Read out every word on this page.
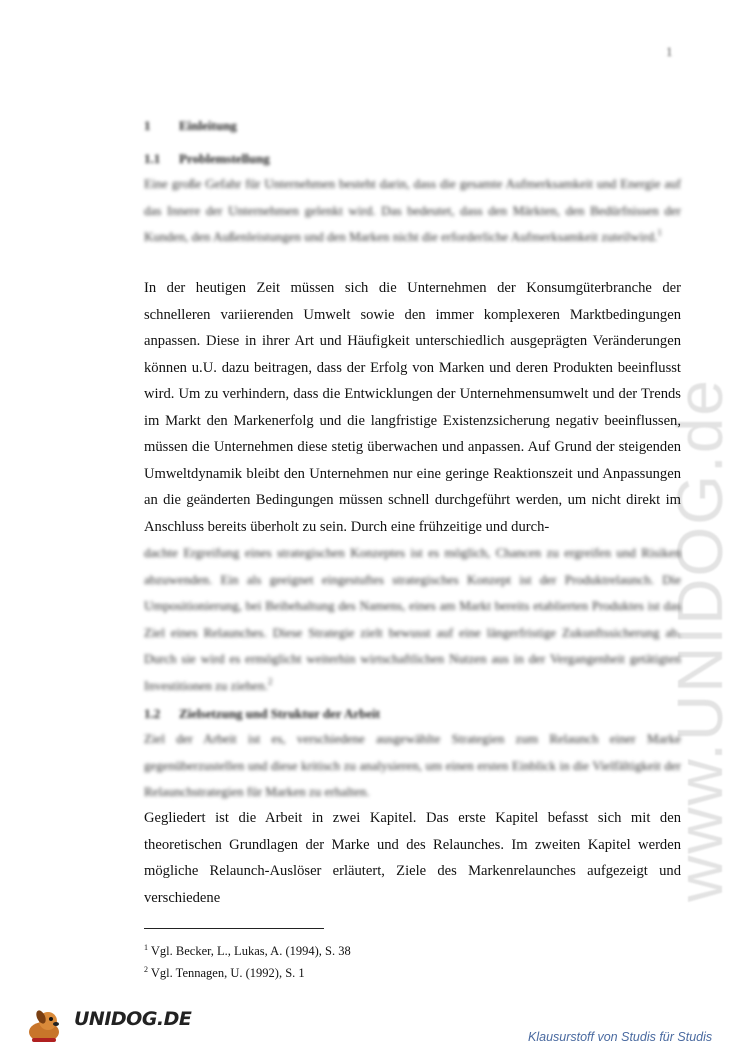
1
www.UNIDOG.de
1 Einleitung
1.1 Problemstellung
Eine große Gefahr für Unternehmen besteht darin, dass die gesamte Aufmerksamkeit und Energie auf das Innere der Unternehmen gelenkt wird. Das bedeutet, dass den Märkten, den Bedürfnissen der Kunden, den Außenleistungen und den Marken nicht die erforderliche Aufmerksamkeit zuteilwird.$^1$
In der heutigen Zeit müssen sich die Unternehmen der Konsumgüterbranche der schnelleren variierenden Umwelt sowie den immer komplexeren Marktbedingungen anpassen. Diese in ihrer Art und Häufigkeit unterschiedlich ausgeprägten Veränderungen können u.U. dazu beitragen, dass der Erfolg von Marken und deren Produkten beeinflusst wird. Um zu verhindern, dass die Entwicklungen der Unternehmensumwelt und der Trends im Markt den Markenerfolg und die langfristige Existenzsicherung negativ beeinflussen, müssen die Unternehmen diese stetig überwachen und anpassen. Auf Grund der steigenden Umweltdynamik bleibt den Unternehmen nur eine geringe Reaktionszeit und Anpassungen an die geänderten Bedingungen müssen schnell durchgeführt werden, um nicht direkt im Anschluss bereits überholt zu sein. Durch eine frühzeitige und durch-
dachte Ergreifung eines strategischen Konzeptes ist es möglich, Chancen zu ergreifen und Risiken abzuwenden. Ein als geeignet eingestuftes strategisches Konzept ist der Produktrelaunch. Die Umpositionierung, bei Beibehaltung des Namens, eines am Markt bereits etablierten Produktes ist das Ziel eines Relaunches. Diese Strategie zielt bewusst auf eine längerfristige Zukunftssicherung ab. Durch sie wird es ermöglicht weiterhin wirtschaftlichen Nutzen aus in der Vergangenheit getätigten Investitionen zu ziehen.$^2$
1.2 Zielsetzung und Struktur der Arbeit
Ziel der Arbeit ist es, verschiedene ausgewählte Strategien zum Relaunch einer Marke gegenüberzustellen und diese kritisch zu analysieren, um einen ersten Einblick in die Vielfältigkeit der Relaunchstrategien für Marken zu erhalten.
Gegliedert ist die Arbeit in zwei Kapitel. Das erste Kapitel befasst sich mit den theoretischen Grundlagen der Marke und des Relaunches. Im zweiten Kapitel werden mögliche Relaunch-Auslöser erläutert, Ziele des Markenrelaunches aufgezeigt und verschiedene
$^1$ Vgl. Becker, L., Lukas, A. (1994), S. 38
$^2$ Vgl. Tennagen, U. (1992), S. 1
UNIDOG.DE
Klausurstoff von Studis für Studis
